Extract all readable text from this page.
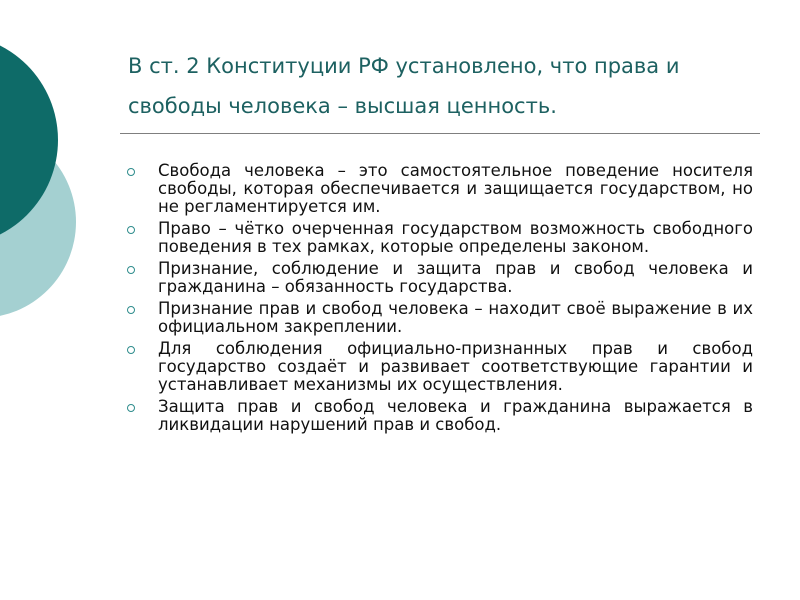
В ст. 2 Конституции РФ установлено, что права и свободы человека – высшая ценность.
Свобода человека – это самостоятельное поведение носителя свободы, которая обеспечивается и защищается государством, но не регламентируется им.
Право – чётко очерченная государством возможность свободного поведения в тех рамках, которые определены законом.
Признание, соблюдение и защита прав и свобод человека и гражданина – обязанность государства.
Признание прав и свобод человека – находит своё выражение в их официальном закреплении.
Для соблюдения официально-признанных прав и свобод государство создаёт и развивает соответствующие гарантии и устанавливает механизмы их осуществления.
Защита прав и свобод человека и гражданина выражается в ликвидации нарушений прав и свобод.
